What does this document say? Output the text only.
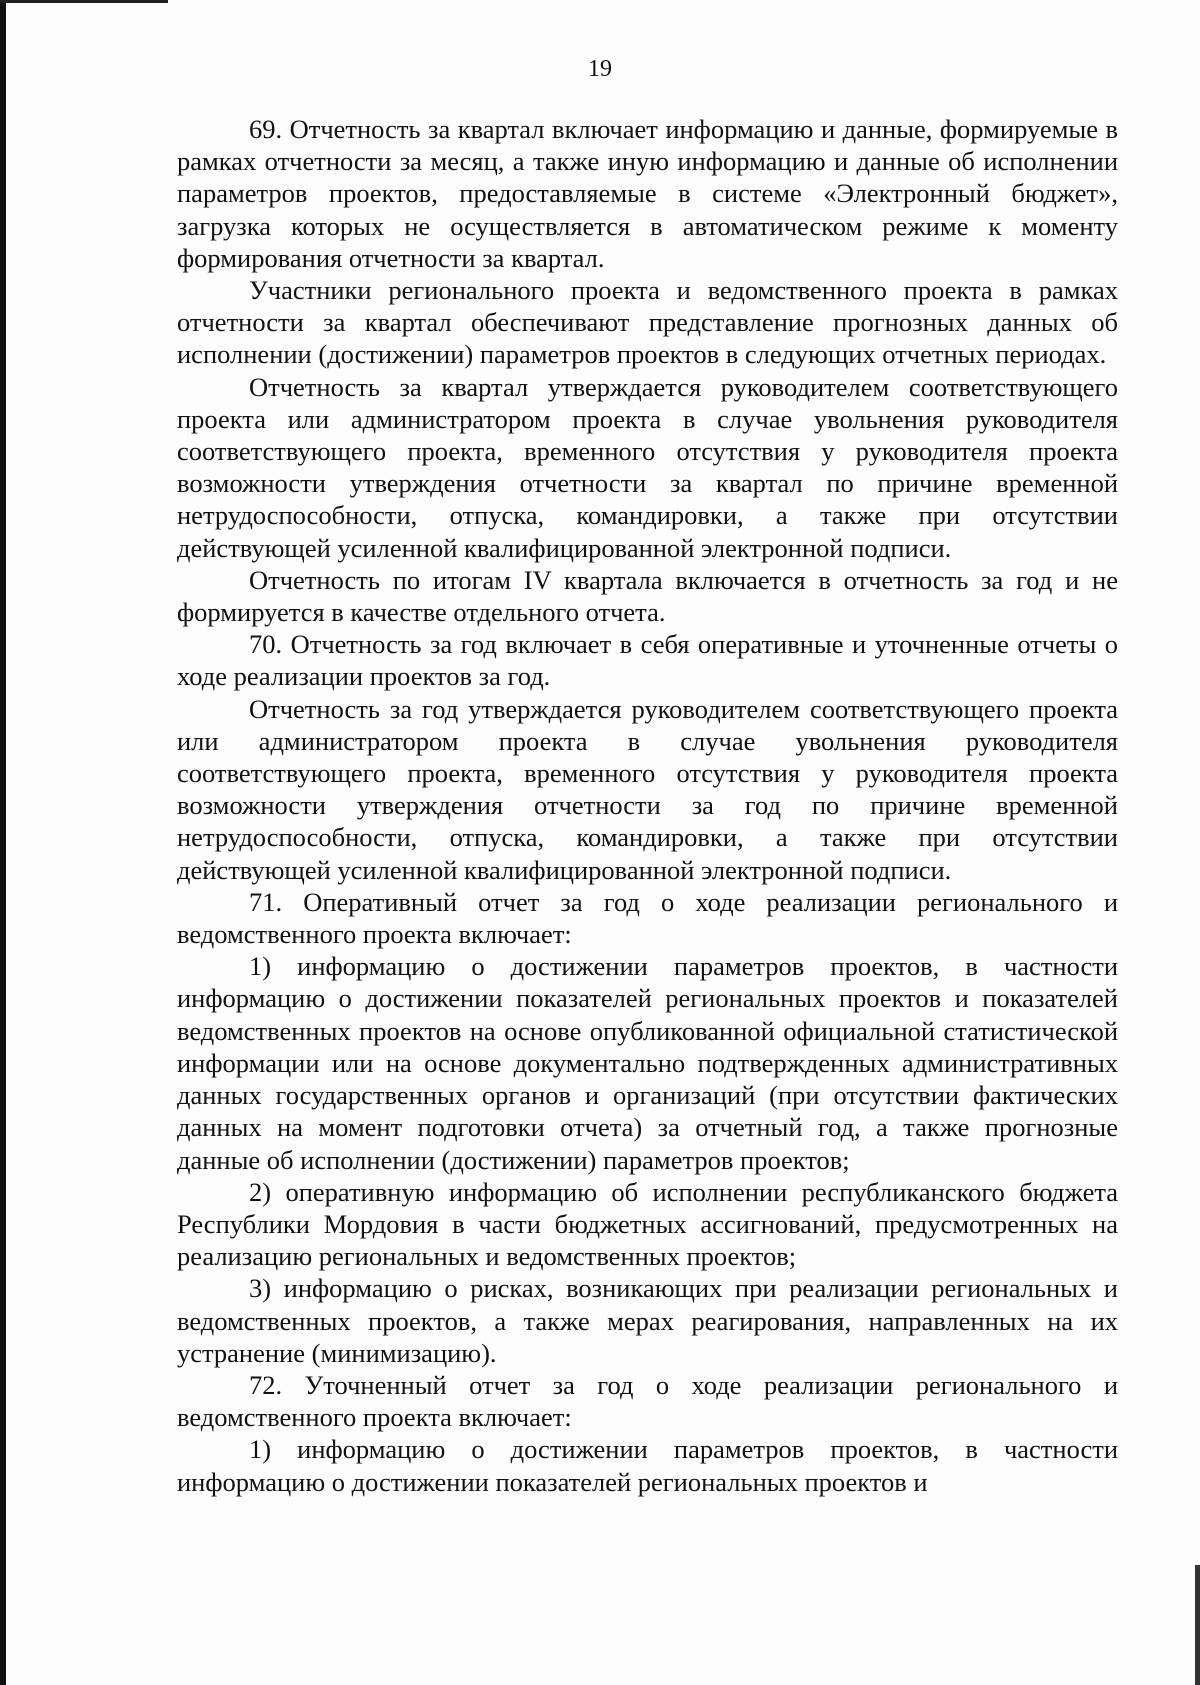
19

69. Отчетность за квартал включает информацию и данные, формируемые в рамках отчетности за месяц, а также иную информацию и данные об исполнении параметров проектов, предоставляемые в системе «Электронный бюджет», загрузка которых не осуществляется в автоматическом режиме к моменту формирования отчетности за квартал.

Участники регионального проекта и ведомственного проекта в рамках отчетности за квартал обеспечивают представление прогнозных данных об исполнении (достижении) параметров проектов в следующих отчетных периодах.

Отчетность за квартал утверждается руководителем соответствующего проекта или администратором проекта в случае увольнения руководителя соответствующего проекта, временного отсутствия у руководителя проекта возможности утверждения отчетности за квартал по причине временной нетрудоспособности, отпуска, командировки, а также при отсутствии действующей усиленной квалифицированной электронной подписи.

Отчетность по итогам IV квартала включается в отчетность за год и не формируется в качестве отдельного отчета.

70. Отчетность за год включает в себя оперативные и уточненные отчеты о ходе реализации проектов за год.

Отчетность за год утверждается руководителем соответствующего проекта или администратором проекта в случае увольнения руководителя соответствующего проекта, временного отсутствия у руководителя проекта возможности утверждения отчетности за год по причине временной нетрудоспособности, отпуска, командировки, а также при отсутствии действующей усиленной квалифицированной электронной подписи.

71. Оперативный отчет за год о ходе реализации регионального и ведомственного проекта включает:

1) информацию о достижении параметров проектов, в частности информацию о достижении показателей региональных проектов и показателей ведомственных проектов на основе опубликованной официальной статистической информации или на основе документально подтвержденных административных данных государственных органов и организаций (при отсутствии фактических данных на момент подготовки отчета) за отчетный год, а также прогнозные данные об исполнении (достижении) параметров проектов;

2) оперативную информацию об исполнении республиканского бюджета Республики Мордовия в части бюджетных ассигнований, предусмотренных на реализацию региональных и ведомственных проектов;

3) информацию о рисках, возникающих при реализации региональных и ведомственных проектов, а также мерах реагирования, направленных на их устранение (минимизацию).

72. Уточненный отчет за год о ходе реализации регионального и ведомственного проекта включает:

1) информацию о достижении параметров проектов, в частности информацию о достижении показателей региональных проектов и
